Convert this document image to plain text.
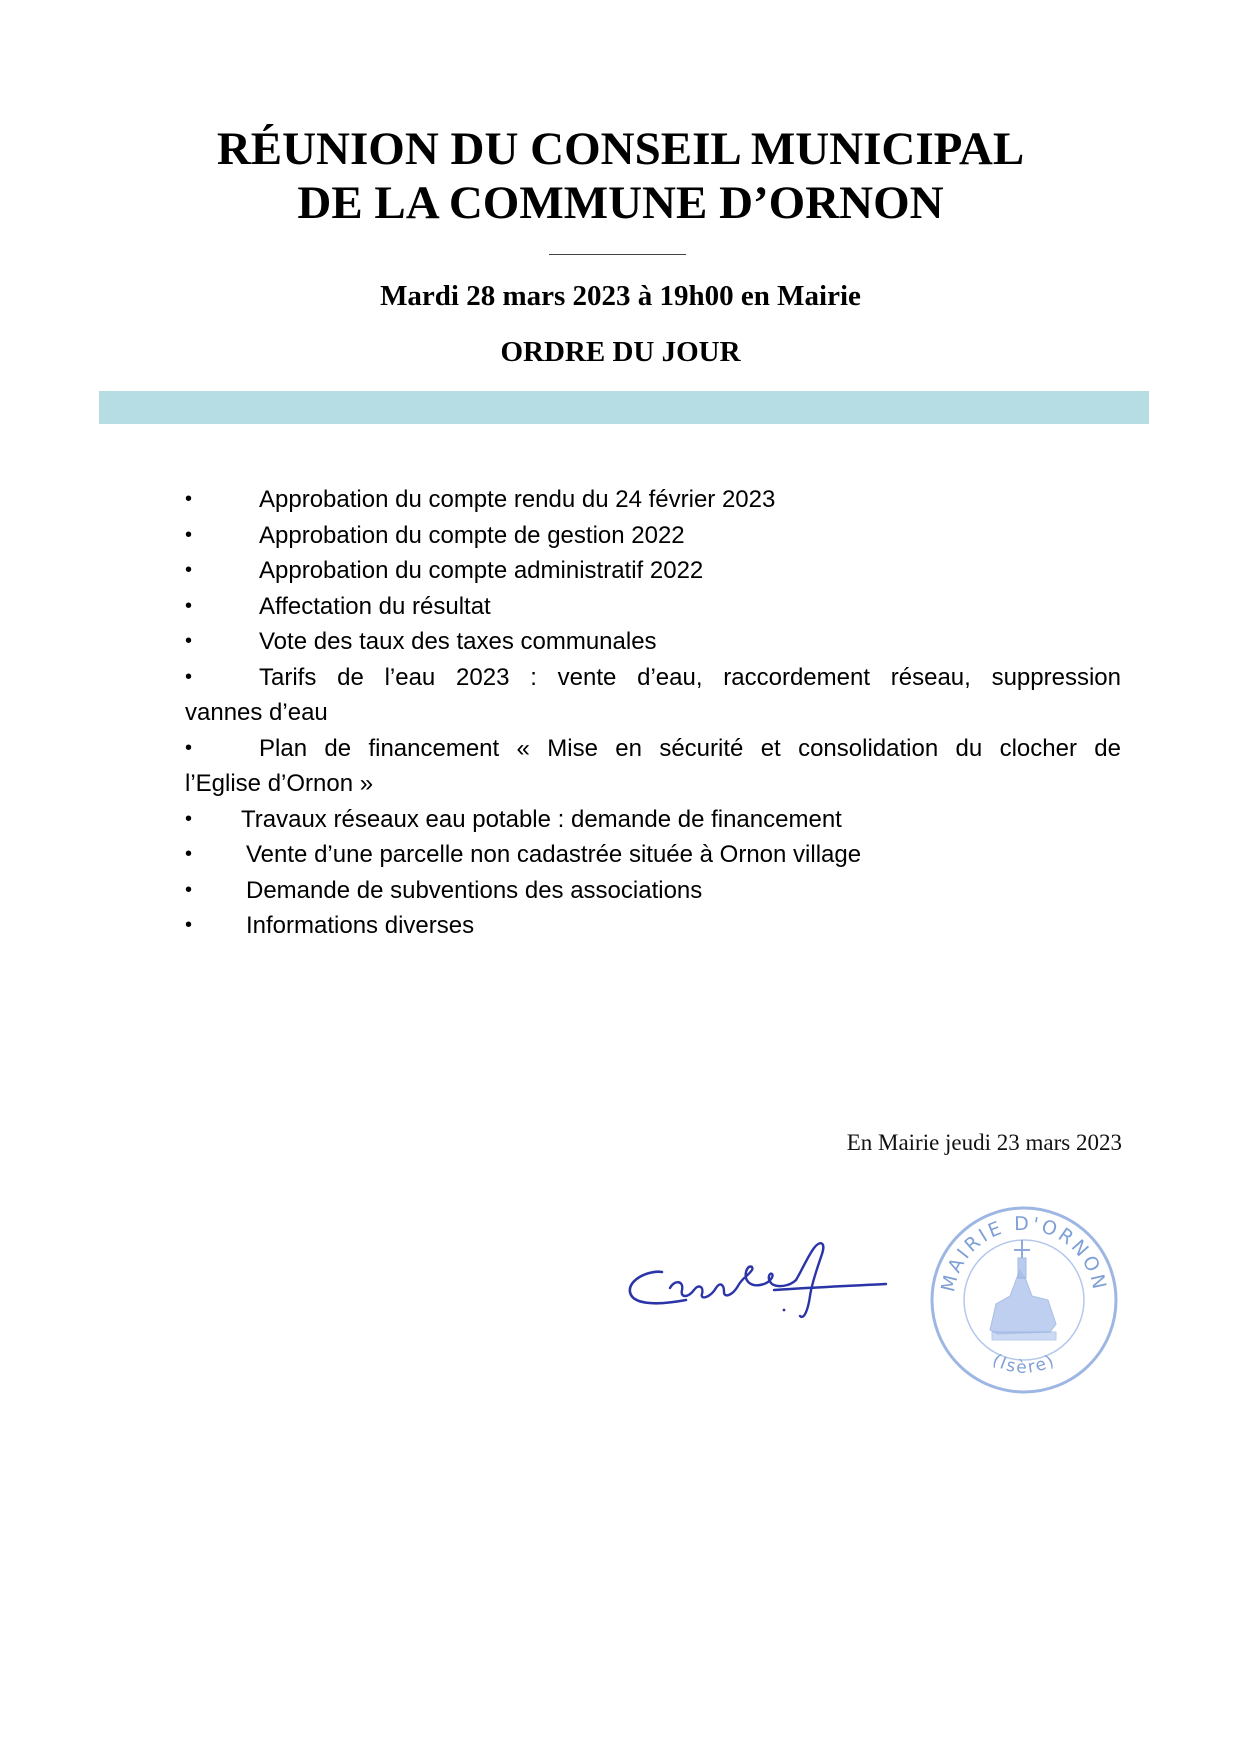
RÉUNION DU CONSEIL MUNICIPAL
DE LA COMMUNE D’ORNON
Mardi 28 mars 2023 à 19h00 en Mairie
ORDRE DU JOUR
•	Approbation du compte rendu du 24 février 2023
•	Approbation du compte de gestion 2022
•	Approbation du compte administratif 2022
•	Affectation du résultat
•	Vote des taux des taxes communales
•	Tarifs de l’eau 2023 : vente d’eau, raccordement réseau, suppression
vannes d’eau
•	Plan de financement « Mise en sécurité et consolidation du clocher de
l’Eglise d’Ornon »
• Travaux réseaux eau potable : demande de financement
• Vente d’une parcelle non cadastrée située à Ornon village
• Demande de subventions des associations
• Informations diverses
En Mairie jeudi 23 mars 2023
MAIRIE D'ORNON
(Isère)
